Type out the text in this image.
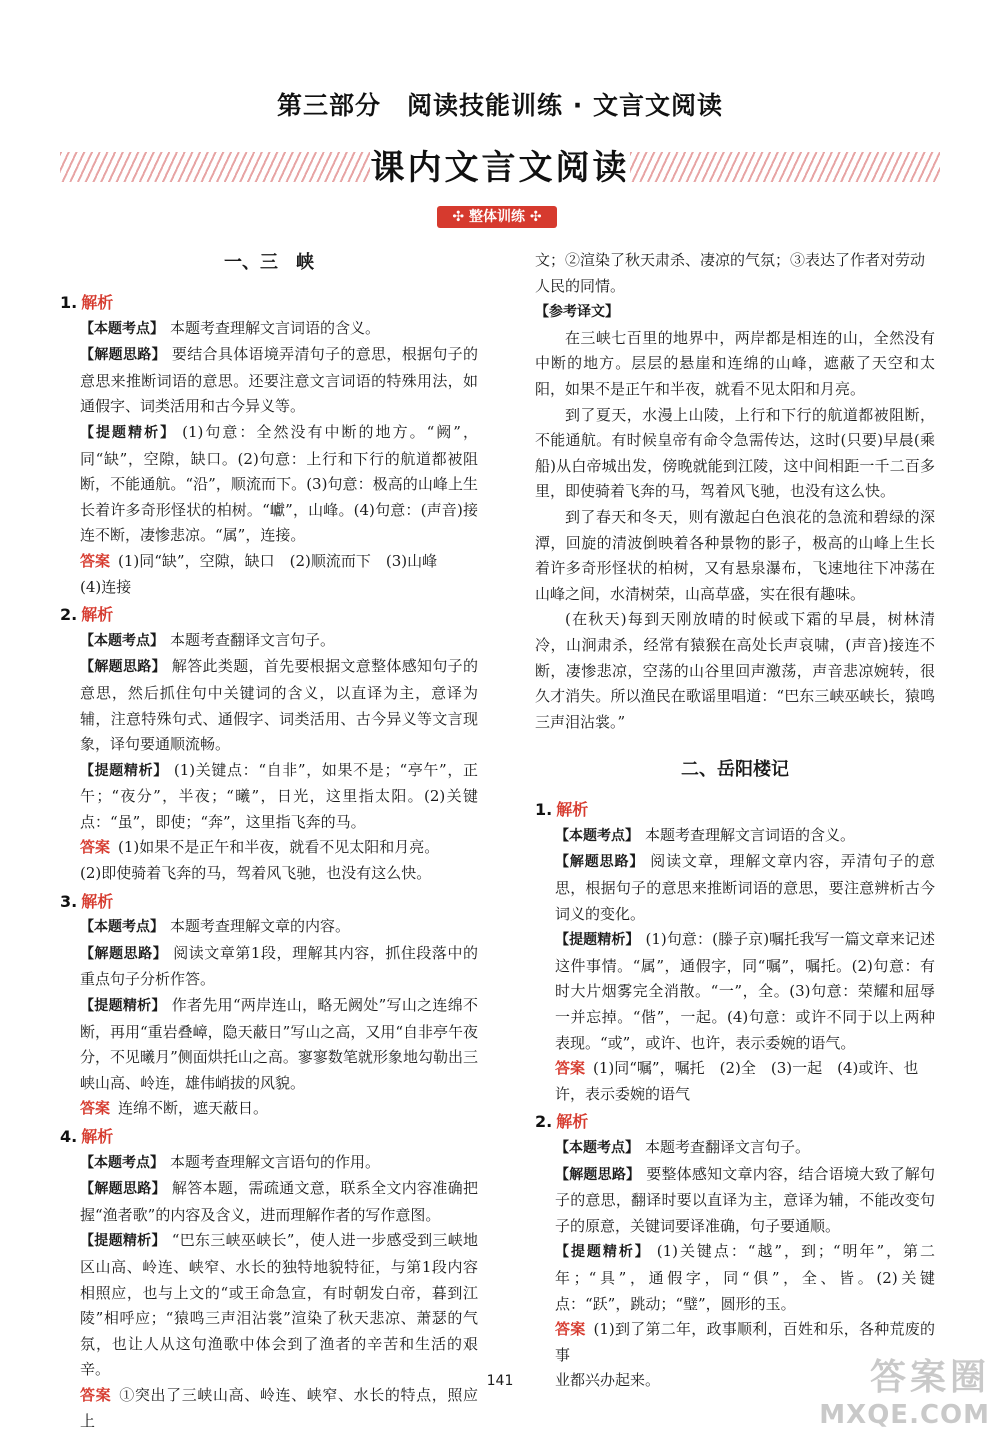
第三部分　阅读技能训练 · 文言文阅读
课内文言文阅读
✣ 整体训练 ✣
一、三　峡
1. 解析
【本题考点】 本题考查理解文言词语的含义。
【解题思路】 要结合具体语境弄清句子的意思，根据句子的意思来推断词语的意思。还要注意文言词语的特殊用法，如通假字、词类活用和古今异义等。
【提题精析】 (1)句意：全然没有中断的地方。“阙”，同“缺”，空隙，缺口。(2)句意：上行和下行的航道都被阻断，不能通航。“沿”，顺流而下。(3)句意：极高的山峰上生长着许多奇形怪状的柏树。“巘”，山峰。(4)句意：(声音)接连不断，凄惨悲凉。“属”，连接。
答案 (1)同“缺”，空隙，缺口　(2)顺流而下　(3)山峰
(4)连接
2. 解析
【本题考点】 本题考查翻译文言句子。
【解题思路】 解答此类题，首先要根据文意整体感知句子的意思，然后抓住句中关键词的含义，以直译为主，意译为辅，注意特殊句式、通假字、词类活用、古今异义等文言现象，译句要通顺流畅。
【提题精析】 (1)关键点：“自非”，如果不是；“亭午”，正午；“夜分”，半夜；“曦”，日光，这里指太阳。(2)关键点：“虽”，即使；“奔”，这里指飞奔的马。
答案 (1)如果不是正午和半夜，就看不见太阳和月亮。
(2)即使骑着飞奔的马，驾着风飞驰，也没有这么快。
3. 解析
【本题考点】 本题考查理解文章的内容。
【解题思路】 阅读文章第1段，理解其内容，抓住段落中的重点句子分析作答。
【提题精析】 作者先用“两岸连山，略无阙处”写山之连绵不断，再用“重岩叠嶂，隐天蔽日”写山之高，又用“自非亭午夜分，不见曦月”侧面烘托山之高。寥寥数笔就形象地勾勒出三峡山高、岭连，雄伟峭拔的风貌。
答案 连绵不断，遮天蔽日。
4. 解析
【本题考点】 本题考查理解文言语句的作用。
【解题思路】 解答本题，需疏通文意，联系全文内容准确把握“渔者歌”的内容及含义，进而理解作者的写作意图。
【提题精析】 “巴东三峡巫峡长”，使人进一步感受到三峡地区山高、岭连、峡窄、水长的独特地貌特征，与第1段内容相照应，也与上文的“或王命急宣，有时朝发白帝，暮到江陵”相呼应；“猿鸣三声泪沾裳”渲染了秋天悲凉、萧瑟的气氛，也让人从这句渔歌中体会到了渔者的辛苦和生活的艰辛。
答案 ①突出了三峡山高、岭连、峡窄、水长的特点，照应上
文；②渲染了秋天肃杀、凄凉的气氛；③表达了作者对劳动人民的同情。
【参考译文】
在三峡七百里的地界中，两岸都是相连的山，全然没有中断的地方。层层的悬崖和连绵的山峰，遮蔽了天空和太阳，如果不是正午和半夜，就看不见太阳和月亮。
到了夏天，水漫上山陵，上行和下行的航道都被阻断，不能通航。有时候皇帝有命令急需传达，这时(只要)早晨(乘船)从白帝城出发，傍晚就能到江陵，这中间相距一千二百多里，即使骑着飞奔的马，驾着风飞驰，也没有这么快。
到了春天和冬天，则有激起白色浪花的急流和碧绿的深潭，回旋的清波倒映着各种景物的影子，极高的山峰上生长着许多奇形怪状的柏树，又有悬泉瀑布，飞速地往下冲荡在山峰之间，水清树荣，山高草盛，实在很有趣味。
(在秋天)每到天刚放晴的时候或下霜的早晨，树林清冷，山涧肃杀，经常有猿猴在高处长声哀啸，(声音)接连不断，凄惨悲凉，空荡的山谷里回声激荡，声音悲凉婉转，很久才消失。所以渔民在歌谣里唱道：“巴东三峡巫峡长，猿鸣三声泪沾裳。”
二、岳阳楼记
1. 解析
【本题考点】 本题考查理解文言词语的含义。
【解题思路】 阅读文章，理解文章内容，弄清句子的意思，根据句子的意思来推断词语的意思，要注意辨析古今词义的变化。
【提题精析】 (1)句意：(滕子京)嘱托我写一篇文章来记述这件事情。“属”，通假字，同“嘱”，嘱托。(2)句意：有时大片烟雾完全消散。“一”，全。(3)句意：荣耀和屈辱一并忘掉。“偕”，一起。(4)句意：或许不同于以上两种表现。“或”，或许、也许，表示委婉的语气。
答案 (1)同“嘱”，嘱托　(2)全　(3)一起　(4)或许、也
许，表示委婉的语气
2. 解析
【本题考点】 本题考查翻译文言句子。
【解题思路】 要整体感知文章内容，结合语境大致了解句子的意思，翻译时要以直译为主，意译为辅，不能改变句子的原意，关键词要译准确，句子要通顺。
【提题精析】 (1)关键点：“越”，到；“明年”，第二年；“具”，通假字，同“俱”，全、皆。(2)关键点：“跃”，跳动；“璧”，圆形的玉。
答案 (1)到了第二年，政事顺利，百姓和乐，各种荒废的事
业都兴办起来。
141	答案圈
MXQE.COM
